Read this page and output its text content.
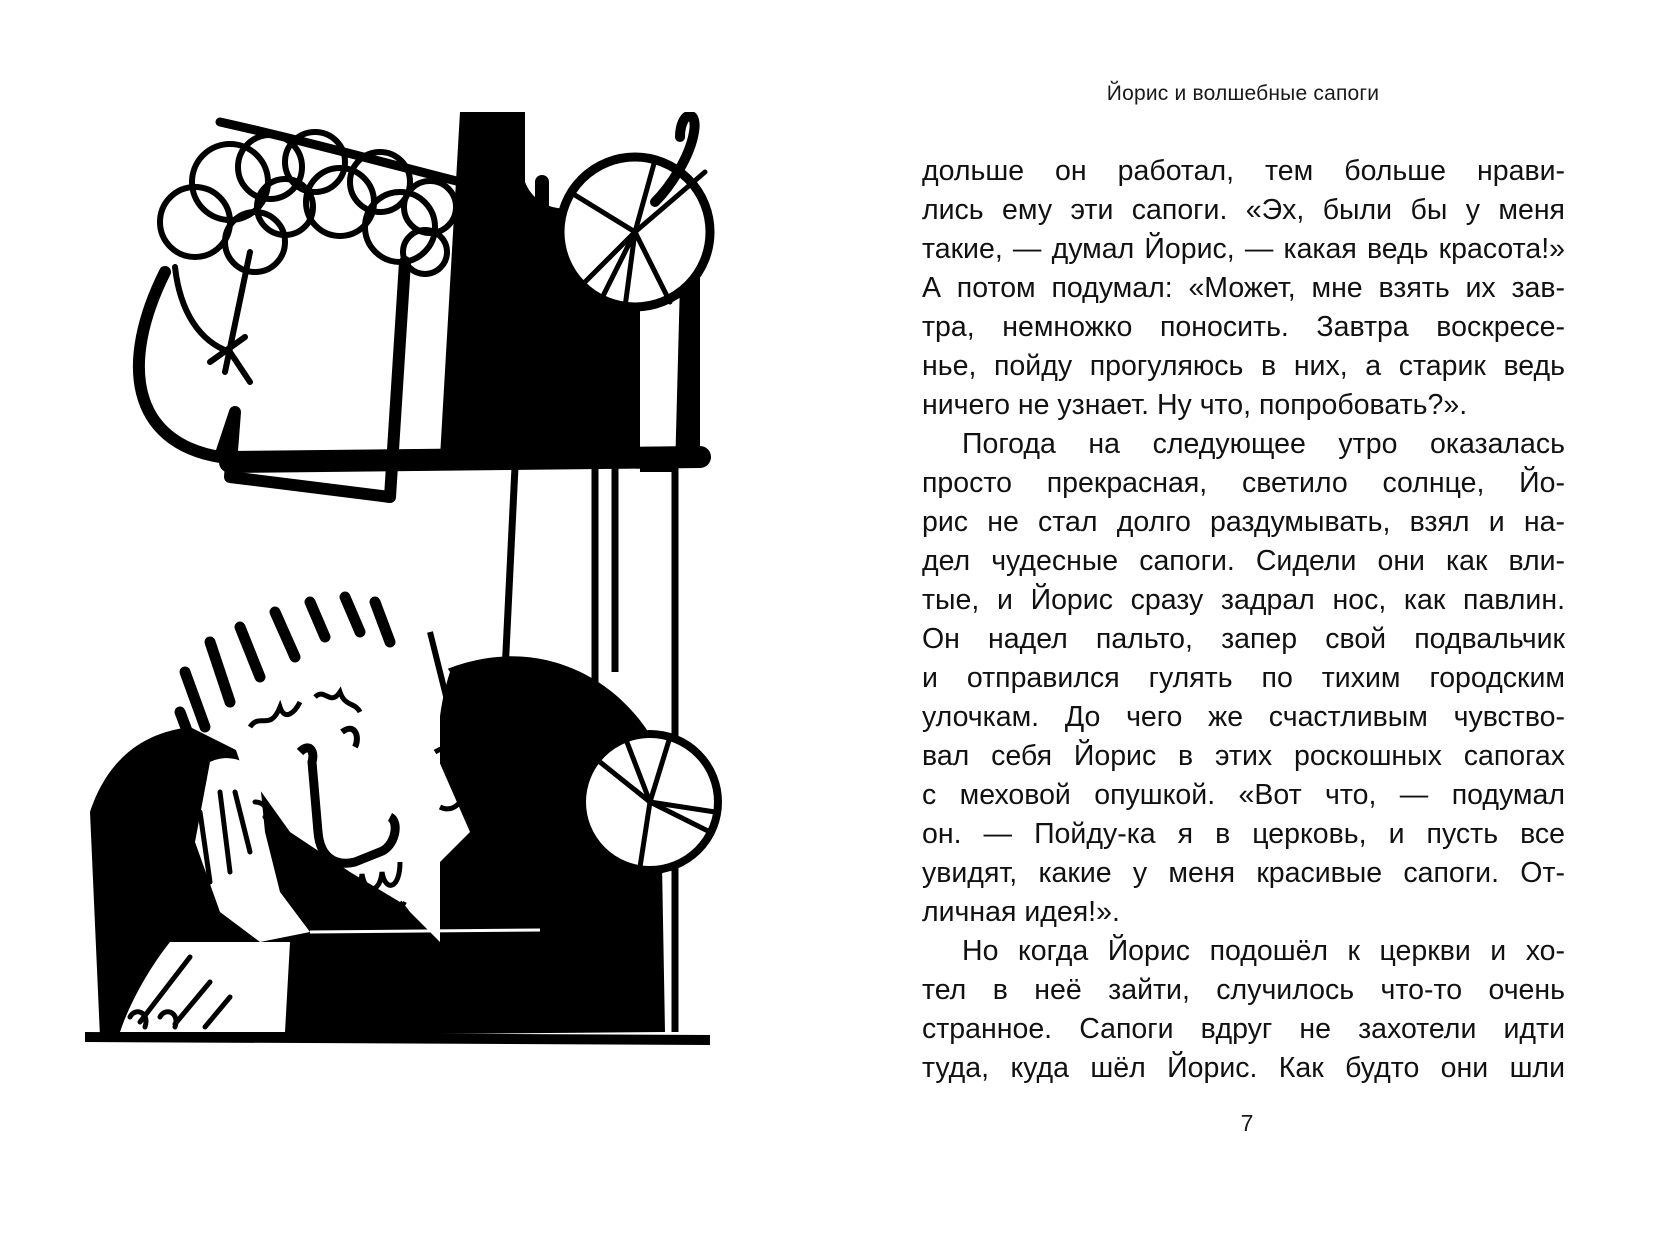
Йорис и волшебные сапоги
дольше он работал, тем больше нрави-
лись ему эти сапоги. «Эх, были бы у меня
такие, — думал Йорис, — какая ведь красота!»
А потом подумал: «Может, мне взять их зав-
тра, немножко поносить. Завтра воскресе-
нье, пойду прогуляюсь в них, а старик ведь
ничего не узнает. Ну что, попробовать?».
Погода на следующее утро оказалась
просто прекрасная, светило солнце, Йо-
рис не стал долго раздумывать, взял и на-
дел чудесные сапоги. Сидели они как вли-
тые, и Йорис сразу задрал нос, как павлин.
Он надел пальто, запер свой подвальчик
и отправился гулять по тихим городским
улочкам. До чего же счастливым чувство-
вал себя Йорис в этих роскошных сапогах
с меховой опушкой. «Вот что, — подумал
он. — Пойду-ка я в церковь, и пусть все
увидят, какие у меня красивые сапоги. От-
личная идея!».
Но когда Йорис подошёл к церкви и хо-
тел в неё зайти, случилось что-то очень
странное. Сапоги вдруг не захотели идти
туда, куда шёл Йорис. Как будто они шли
7
